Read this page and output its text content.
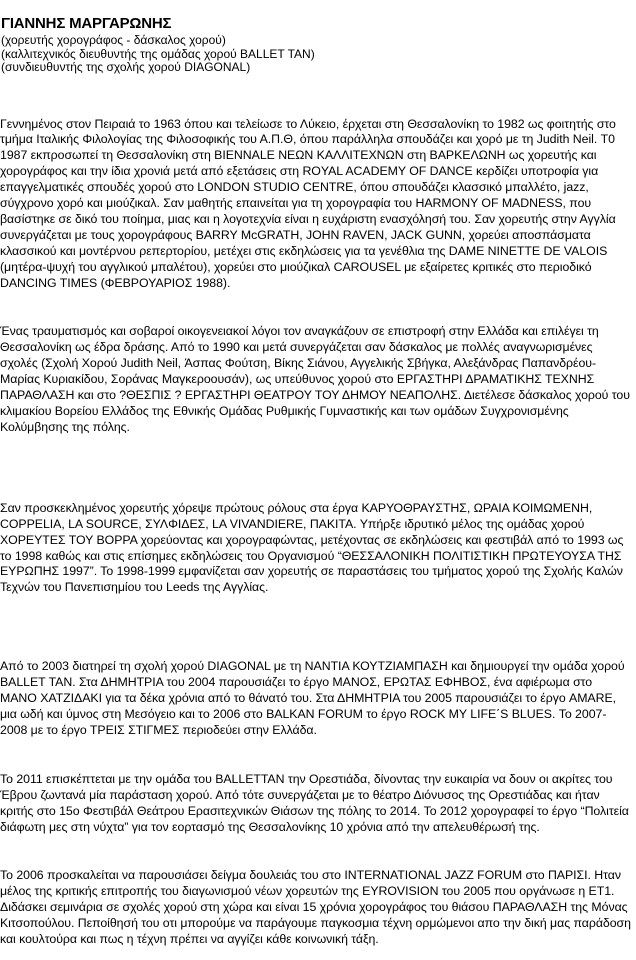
ΓΙΑΝΝΗΣ ΜΑΡΓΑΡΩΝΗΣ
(χορευτής χορογράφος - δάσκαλος χορού)
(καλλιτεχνικός διευθυντής της ομάδας χορού BALLET TAN)
(συνδιευθυντής της σχολής χορού DIAGONAL)

Γεννημένος στον Πειραιά το 1963 όπου και τελείωσε το Λύκειο, έρχεται στη Θεσσαλονίκη το 1982 ως φοιτητής στο τμήμα Ιταλικής Φιλολογίας της Φιλοσοφικής του Α.Π.Θ, όπου παράλληλα σπουδάζει και χορό με τη Judith Neil. Τ0 1987 εκπροσωπεί τη Θεσσαλονίκη στη BIENNALE ΝΕΩΝ ΚΑΛΛΙΤΕΧΝΩΝ στη ΒΑΡΚΕΛΩΝΗ ως χορευτής και χορογράφος και την ίδια χρονιά μετά από εξετάσεις στη ROYAL ACADEMY OF DANCE κερδίζει υποτροφία για επαγγελματικές σπουδές χορού στο LONDON STUDIO CENTRE, όπου σπουδάζει κλασσικό μπαλλέτο, jazz, σύγχρονο χορό και μιούζικαλ. Σαν μαθητής επαινείται για τη χορογραφία του HARMONY OF MADNESS, που βασίστηκε σε δικό του ποίημα, μιας και η λογοτεχνία είναι η ευχάριστη ενασχόλησή του. Σαν χορευτής στην Αγγλία συνεργάζεται με τους χορογράφους BARRY McGRATH, JOHN RAVEN, JACK GUNN, χορεύει αποσπάσματα κλασσικού και μοντέρνου ρεπερτορίου, μετέχει στις εκδηλώσεις για τα γενέθλια της DAME NINETTE DE VALOIS (μητέρα-ψυχή του αγγλικού μπαλέτου), χορεύει στο μιούζικαλ CAROUSEL με εξαίρετες κριτικές στο περιοδικό DANCING TIMES (ΦΕΒΡΟΥΑΡΙΟΣ 1988).

Ένας τραυματισμός και σοβαροί οικογενειακοί λόγοι τον αναγκάζουν σε επιστροφή στην Ελλάδα και επιλέγει τη Θεσσαλονίκη ως έδρα δράσης. Από το 1990 και μετά συνεργάζεται σαν δάσκαλος με πολλές αναγνωρισμένες σχολές (Σχολή Χορού Judith Neil, Άσπας Φούτση, Βίκης Σιάνου, Αγγελικής Σβήγκα, Αλεξάνδρας Παπανδρέου-Μαρίας Κυριακίδου, Σοράνας Μαγκεροουσάν), ως υπεύθυνος χορού στο ΕΡΓΑΣΤΗΡΙ ΔΡΑΜΑΤΙΚΗΣ ΤΕΧΝΗΣ ΠΑΡΑΘΛΑΣΗ και στο ?ΘΕΣΠΙΣ ? ΕΡΓΑΣΤΗΡΙ ΘΕΑΤΡΟΥ ΤΟΥ ΔΗΜΟΥ ΝΕΑΠΟΛΗΣ. Διετέλεσε δάσκαλος χορού του κλιμακίου Βορείου Ελλάδος της Εθνικής Ομάδας Ρυθμικής Γυμναστικής και των ομάδων Συγχρονισμένης Κολύμβησης της πόλης.

Σαν προσκεκλημένος χορευτής χόρεψε πρώτους ρόλους στα έργα ΚΑΡΥΟΘΡΑΥΣΤΗΣ, ΩΡΑΙΑ ΚΟΙΜΩΜΕΝΗ, COPPELIA, LA SOURCE, ΣΥΛΦΙΔΕΣ, LA VIVANDIERE, ΠΑΚΙΤΑ. Υπήρξε ιδρυτικό μέλος της ομάδας χορού ΧΟΡΕΥΤΕΣ ΤΟΥ ΒΟΡΡΑ χορεύοντας και χορογραφώντας, μετέχοντας σε εκδηλώσεις και φεστιβάλ από το 1993 ως το 1998 καθώς και στις επίσημες εκδηλώσεις του Οργανισμού “ΘΕΣΣΑΛΟΝΙΚΗ ΠΟΛΙΤΙΣΤΙΚΗ ΠΡΩΤΕΥΟΥΣΑ ΤΗΣ ΕΥΡΩΠΗΣ 1997”. Το 1998-1999 εμφανίζεται σαν χορευτής σε παραστάσεις του τμήματος χορού της Σχολής Καλών Τεχνών του Πανεπισημίου του Leeds της Αγγλίας.

Από το 2003 διατηρεί τη σχολή χορού DIAGONAL με τη ΝΑΝΤΙΑ ΚΟΥΤΖΙΑΜΠΑΣΗ και δημιουργεί την ομάδα χορού BALLET TAN. Στα ΔΗΜΗΤΡΙΑ του 2004 παρουσιάζει το έργο ΜΑΝΟΣ, ΕΡΩΤΑΣ ΕΦΗΒΟΣ, ένα αφιέρωμα στο ΜΑΝΟ ΧΑΤΖΙΔΑΚΙ για τα δέκα χρόνια από το θάνατό του. Στα ΔΗΜΗΤΡΙΑ του 2005 παρουσιάζει το έργο AMARE, μια ωδή και ύμνος στη Μεσόγειο και το 2006 στο BALKAN FORUM το έργο ROCK MY LIFE΄S BLUES. Το 2007-2008 με το έργο ΤΡΕΙΣ ΣΤΙΓΜΕΣ περιοδεύει στην Ελλάδα.

Το 2011 επισκέπτεται με την ομάδα του BALLETTAN την Ορεστιάδα, δίνοντας την ευκαιρία να δουν οι ακρίτες του Έβρου ζωντανά μία παράσταση χορού. Από τότε συνεργάζεται με το θέατρο Διόνυσος της Ορεστιάδας και ήταν κριτής στο 15ο Φεστιβάλ Θεάτρου Ερασιτεχνικών Θιάσων της πόλης το 2014. Το 2012 χορογραφεί το έργο “Πολιτεία διάφωτη μες στη νύχτα” για τον εορτασμό της Θεσσαλονίκης 10 χρόνια από την απελευθέρωσή της.

Το 2006 προσκαλείται να παρουσιάσει δείγμα δουλειάς του στο INTERNATIONAL JAZZ FORUM στο ΠΑΡΙΣΙ. Ηταν μέλος της κριτικής επιτροπής του διαγωνισμού νέων χορευτών της EYROVISION του 2005 που οργάνωσε η ΕΤ1. Διδάσκει σεμινάρια σε σχολές χορού στη χώρα και είναι 15 χρόνια χορογράφος του θιάσου ΠΑΡΑΘΛΑΣΗ της Μόνας Κιτσοπούλου. Πεποίθησή του οτι μπορούμε να παράγουμε παγκοσμια τέχνη ορμώμενοι απο την δική μας παράδοση και κουλτούρα και πως η τέχνη πρέπει να αγγίζει κάθε κοινωνική τάξη.
